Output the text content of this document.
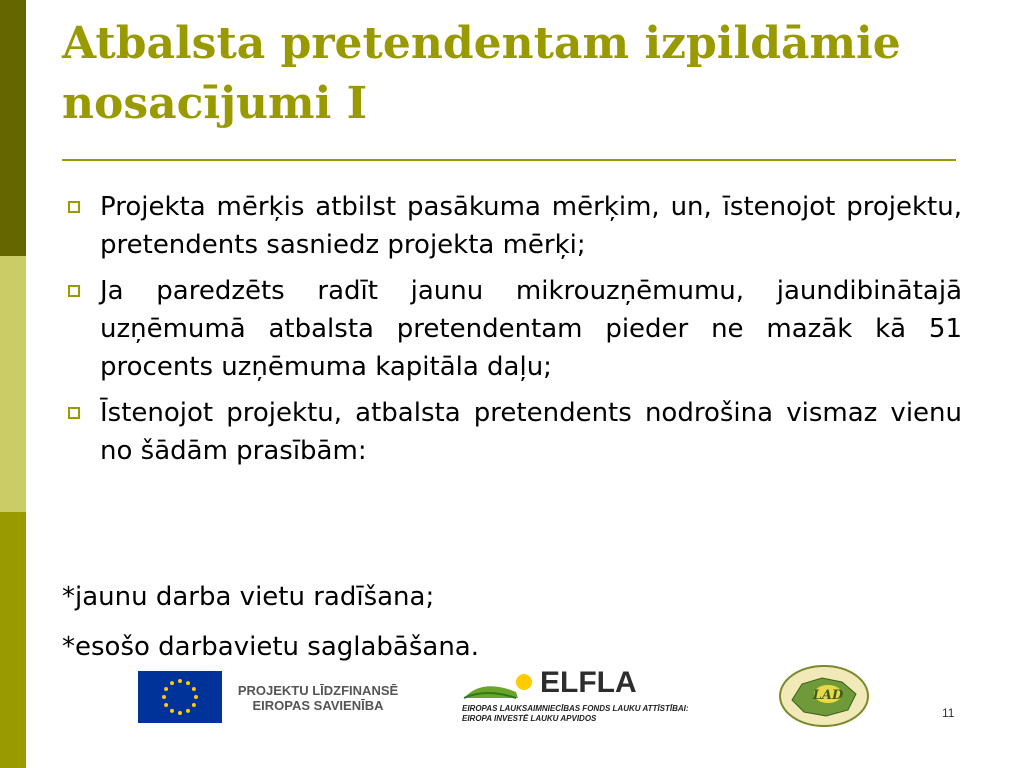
Atbalsta pretendentam izpildāmie nosacījumi I
Projekta mērķis atbilst pasākuma mērķim, un, īstenojot projektu, pretendents sasniedz projekta mērķi;
Ja paredzēts radīt jaunu mikrouzņēmumu, jaundibinātajā uzņēmumā atbalsta pretendentam pieder ne mazāk kā 51 procents uzņēmuma kapitāla daļu;
Īstenojot projektu, atbalsta pretendents nodrošina vismaz vienu no šādām prasībām:
*jaunu darba vietu radīšana;
*esošo darbavietu saglabāšana.
PROJEKTU LĪDZFINANSĒ
EIROPAS SAVIENĪBA
ELFLA
EIROPAS LAUKSAIMNIECĪBAS FONDS LAUKU ATTĪSTĪBAI:
EIROPA INVESTĒ LAUKU APVIDOS
LAD
11
